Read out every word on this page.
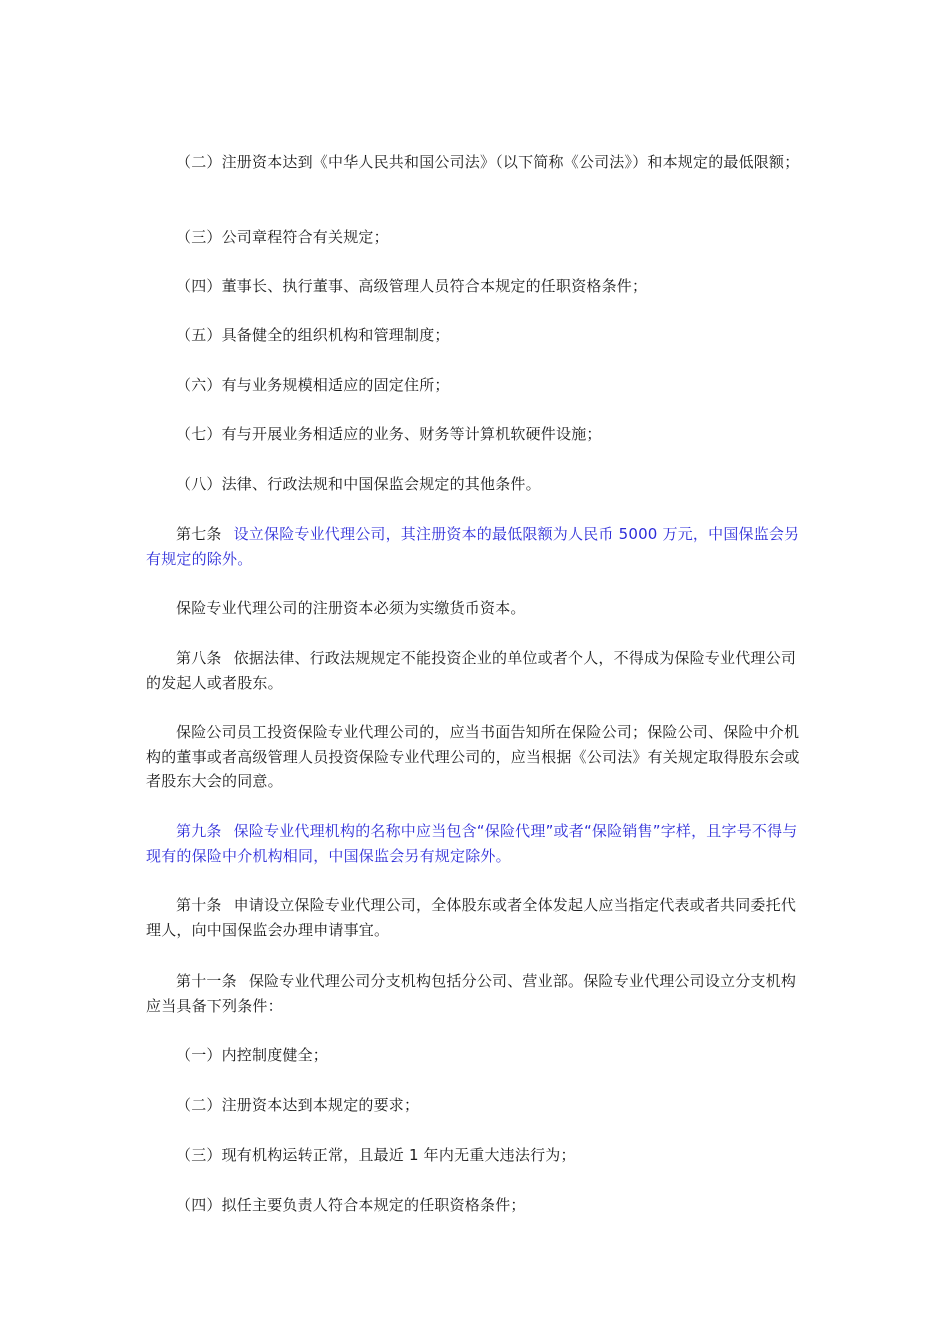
（二）注册资本达到《中华人民共和国公司法》（以下简称《公司法》）和本规定的最低限额；

（三）公司章程符合有关规定；

（四）董事长、执行董事、高级管理人员符合本规定的任职资格条件；

（五）具备健全的组织机构和管理制度；

（六）有与业务规模相适应的固定住所；

（七）有与开展业务相适应的业务、财务等计算机软硬件设施；

（八）法律、行政法规和中国保监会规定的其他条件。

第七条 设立保险专业代理公司，其注册资本的最低限额为人民币 5000 万元，中国保监会另有规定的除外。

保险专业代理公司的注册资本必须为实缴货币资本。

第八条 依据法律、行政法规规定不能投资企业的单位或者个人，不得成为保险专业代理公司的发起人或者股东。

保险公司员工投资保险专业代理公司的，应当书面告知所在保险公司；保险公司、保险中介机构的董事或者高级管理人员投资保险专业代理公司的，应当根据《公司法》有关规定取得股东会或者股东大会的同意。

第九条 保险专业代理机构的名称中应当包含“保险代理”或者“保险销售”字样，且字号不得与现有的保险中介机构相同，中国保监会另有规定除外。

第十条 申请设立保险专业代理公司，全体股东或者全体发起人应当指定代表或者共同委托代理人，向中国保监会办理申请事宜。

第十一条 保险专业代理公司分支机构包括分公司、营业部。保险专业代理公司设立分支机构应当具备下列条件：

（一）内控制度健全；

（二）注册资本达到本规定的要求；

（三）现有机构运转正常，且最近 1 年内无重大违法行为；

（四）拟任主要负责人符合本规定的任职资格条件；
